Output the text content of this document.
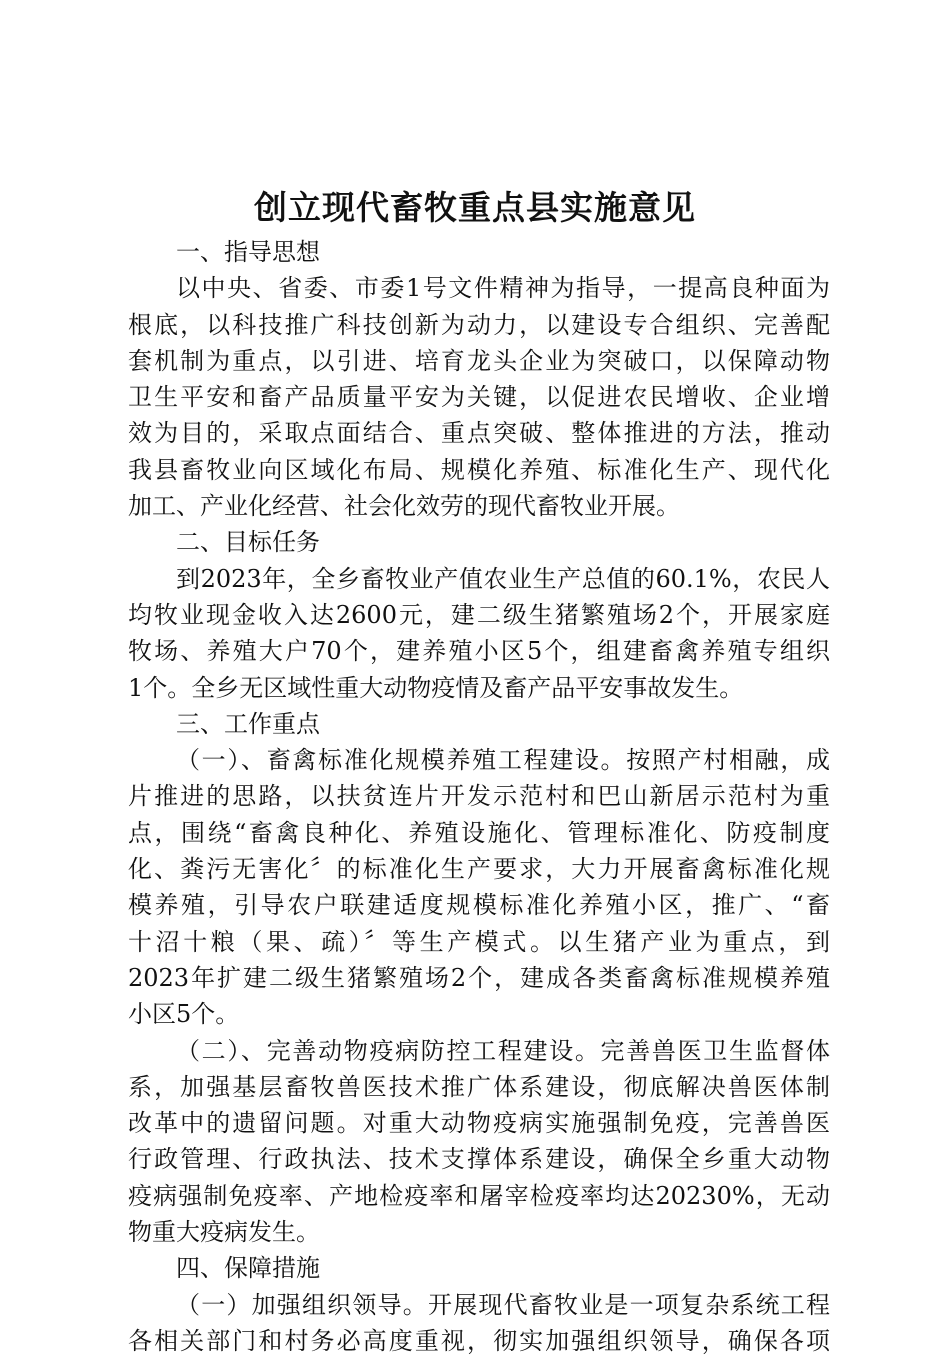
创立现代畜牧重点县实施意见
一、指导思想
以中央、省委、市委1号文件精神为指导，一提高良种面为
根底，以科技推广科技创新为动力，以建设专合组织、完善配
套机制为重点，以引进、培育龙头企业为突破口，以保障动物
卫生平安和畜产品质量平安为关键，以促进农民增收、企业增
效为目的，采取点面结合、重点突破、整体推进的方法，推动
我县畜牧业向区域化布局、规模化养殖、标准化生产、现代化
加工、产业化经营、社会化效劳的现代畜牧业开展。
二、目标任务
到2023年，全乡畜牧业产值农业生产总值的60.1%，农民人
均牧业现金收入达2600元，建二级生猪繁殖场2个，开展家庭
牧场、养殖大户70个，建养殖小区5个，组建畜禽养殖专组织
1个。全乡无区域性重大动物疫情及畜产品平安事故发生。
三、工作重点
（一）、畜禽标准化规模养殖工程建设。按照产村相融，成
片推进的思路，以扶贫连片开发示范村和巴山新居示范村为重
点，围绕“畜禽良种化、养殖设施化、管理标准化、防疫制度
化、粪污无害化〞的标准化生产要求，大力开展畜禽标准化规
模养殖，引导农户联建适度规模标准化养殖小区，推广、“畜
十沼十粮（果、疏）〞等生产模式。以生猪产业为重点，到
2023年扩建二级生猪繁殖场2个，建成各类畜禽标准规模养殖
小区5个。
（二）、完善动物疫病防控工程建设。完善兽医卫生监督体
系，加强基层畜牧兽医技术推广体系建设，彻底解决兽医体制
改革中的遗留问题。对重大动物疫病实施强制免疫，完善兽医
行政管理、行政执法、技术支撑体系建设，确保全乡重大动物
疫病强制免疫率、产地检疫率和屠宰检疫率均达20230%，无动
物重大疫病发生。
四、保障措施
（一）加强组织领导。开展现代畜牧业是一项复杂系统工程
各相关部门和村务必高度重视，彻实加强组织领导，确保各项
